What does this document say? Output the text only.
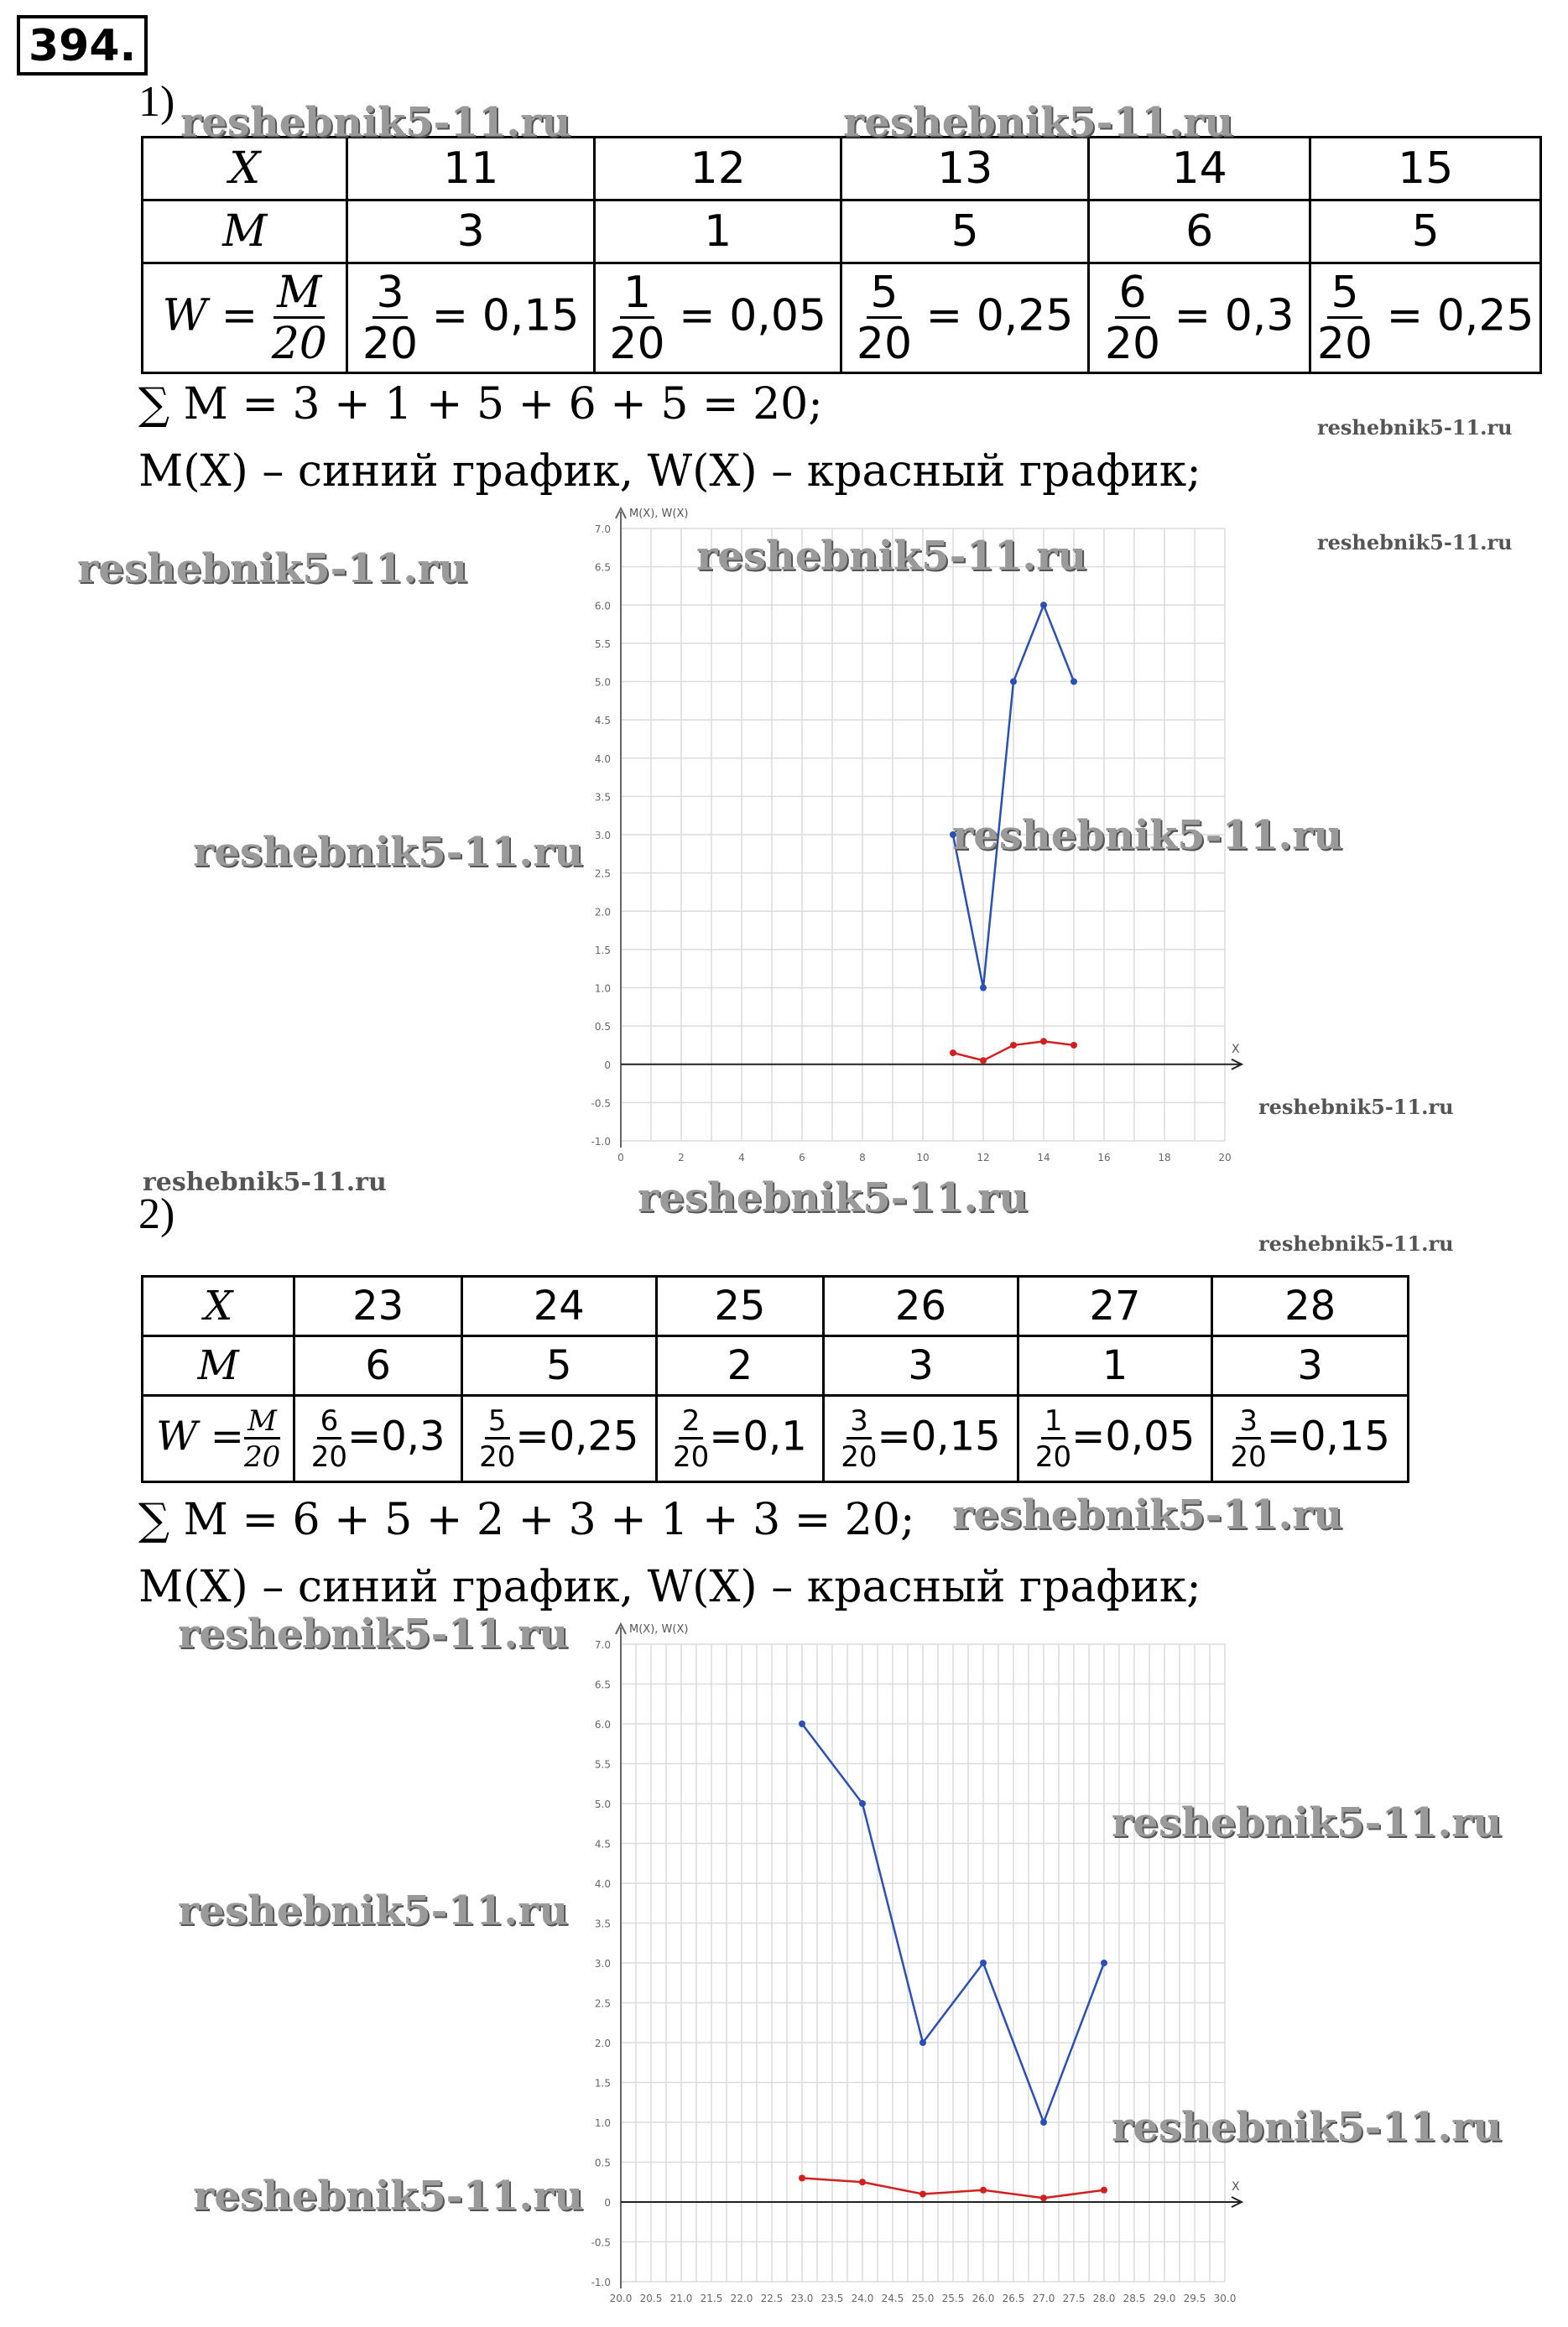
394.
1)
X	11	12	13	14	15
M	3	1	5	6	5
$W = \frac{M}{20}$	$\frac{3}{20} = 0,15$	$\frac{1}{20} = 0,05$	$\frac{5}{20} = 0,25$	$\frac{6}{20} = 0,3$	$\frac{5}{20} = 0,25$
∑ M = 3 + 1 + 5 + 6 + 5 = 20;
M(X) – синий график, W(X) – красный график;
7.0
6.5
6.0
5.5
5.0
4.5
4.0
3.5
3.0
2.5
2.0
1.5
1.0
0.5
0
-0.5
-1.0
0	2	4	6	8	10	12	14	16	18	20
M(X), W(X)
X
2)
X	23	24	25	26	27	28
M	6	5	2	3	1	3
$W = \frac{M}{20}$	$\frac{6}{20} =0,3$	$\frac{5}{20} =0,25$	$\frac{2}{20} =0,1$	$\frac{3}{20} =0,15$	$\frac{1}{20} =0,05$	$\frac{3}{20} =0,15$
∑ M = 6 + 5 + 2 + 3 + 1 + 3 = 20;
M(X) – синий график, W(X) – красный график;
7.0
6.5
6.0
5.5
5.0
4.5
4.0
3.5
3.0
2.5
2.0
1.5
1.0
0.5
0
-0.5
-1.0
20.0 20.5 21.0 21.5 22.0 22.5 23.0 23.5 24.0 24.5 25.0 25.5 26.0 26.5 27.0 27.5 28.0 28.5 29.0 29.5 30.0
M(X), W(X)
X
reshebnik5-11.ru	reshebnik5-11.ru
reshebnik5-11.ru
reshebnik5-11.ru
reshebnik5-11.ru	reshebnik5-11.ru
reshebnik5-11.ru	reshebnik5-11.ru
reshebnik5-11.ru
reshebnik5-11.ru	reshebnik5-11.ru
reshebnik5-11.ru
reshebnik5-11.ru
reshebnik5-11.ru
reshebnik5-11.ru
reshebnik5-11.ru
reshebnik5-11.ru
reshebnik5-11.ru
